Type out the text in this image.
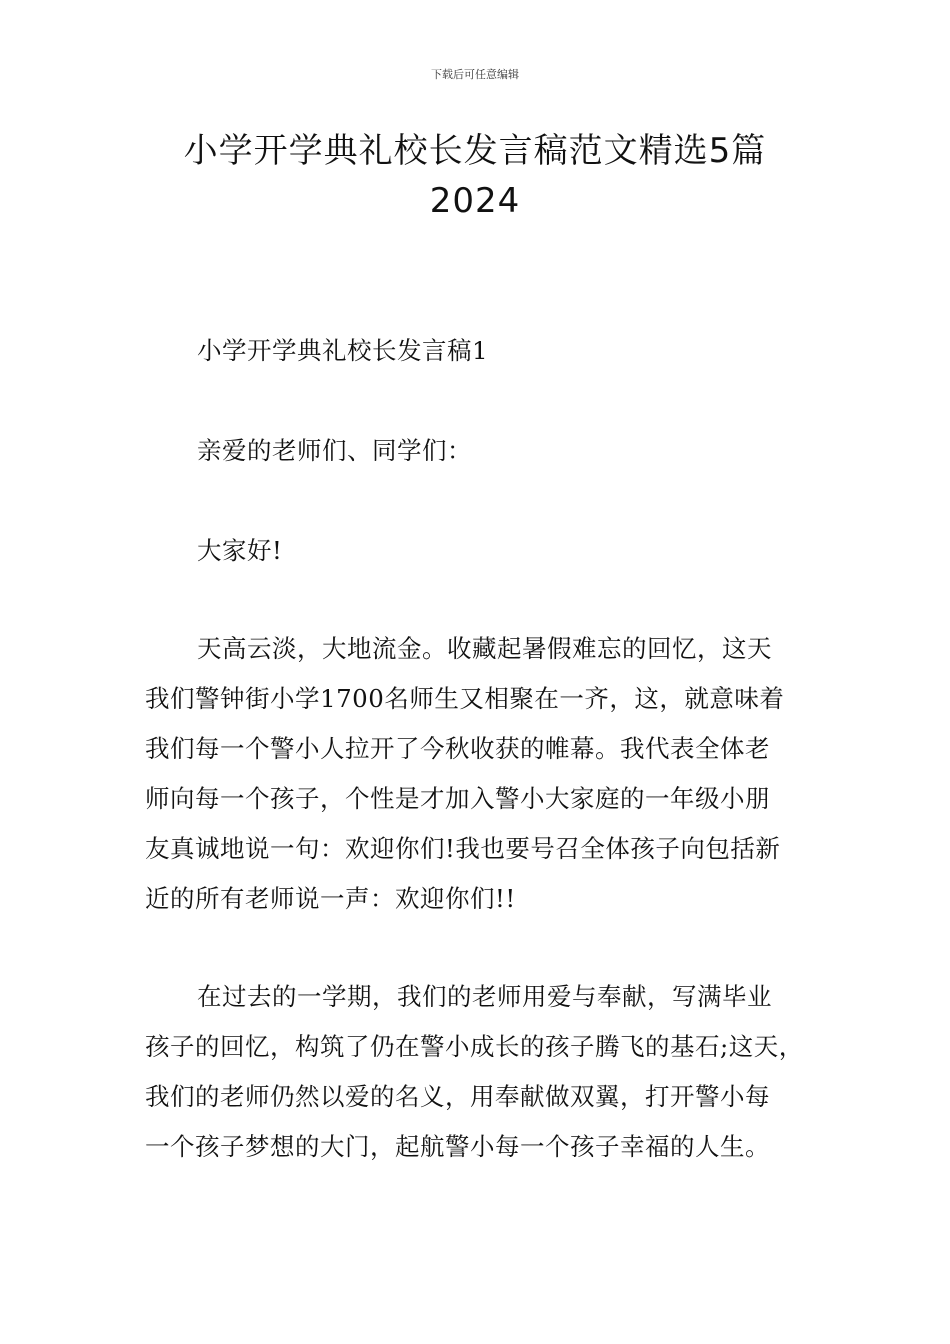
下载后可任意编辑
小学开学典礼校长发言稿范文精选5篇
2024
小学开学典礼校长发言稿1
亲爱的老师们、同学们：
大家好!
天高云淡，大地流金。收藏起暑假难忘的回忆，这天
我们警钟街小学1700名师生又相聚在一齐，这，就意味着
我们每一个警小人拉开了今秋收获的帷幕。我代表全体老
师向每一个孩子，个性是才加入警小大家庭的一年级小朋
友真诚地说一句：欢迎你们!我也要号召全体孩子向包括新
近的所有老师说一声：欢迎你们!!
在过去的一学期，我们的老师用爱与奉献，写满毕业
孩子的回忆，构筑了仍在警小成长的孩子腾飞的基石;这天，
我们的老师仍然以爱的名义，用奉献做双翼，打开警小每
一个孩子梦想的大门，起航警小每一个孩子幸福的人生。
